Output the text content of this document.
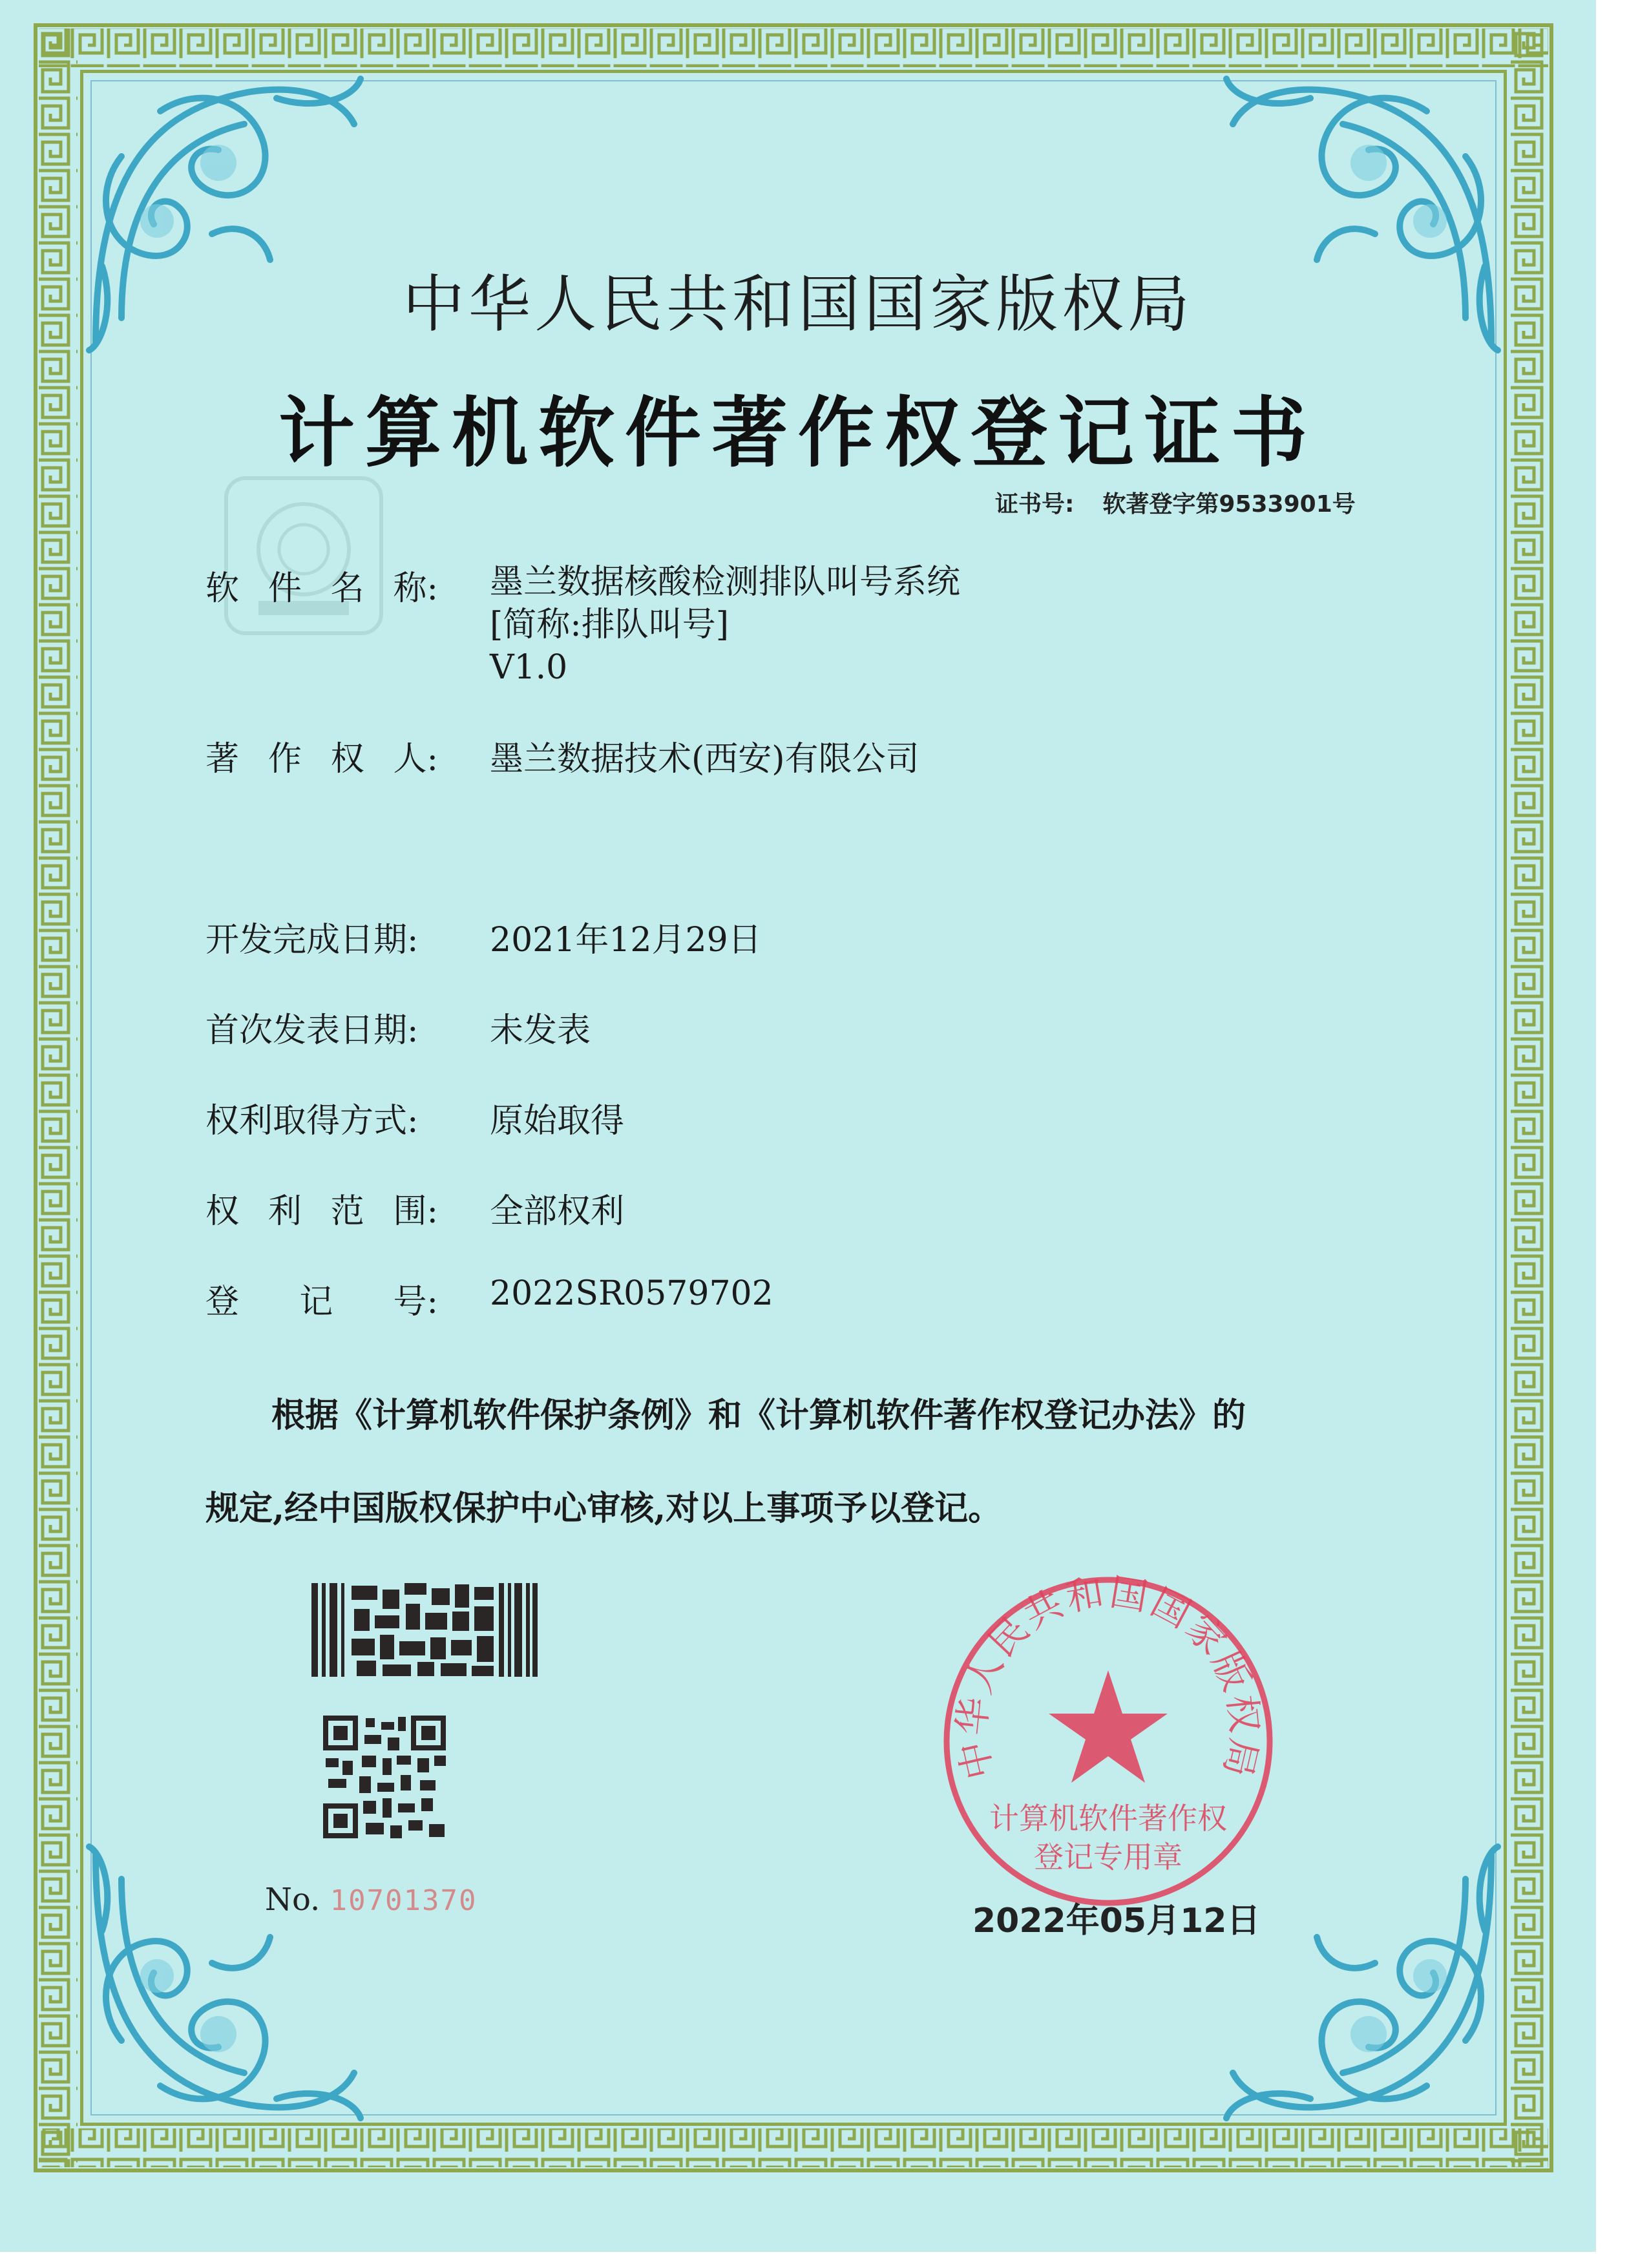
中华人民共和国国家版权局
计算机软件著作权登记证书
证书号: 软著登字第9533901号
软 件 名 称: 墨兰数据核酸检测排队叫号系统
[简称:排队叫号]
V1.0
著 作 权 人: 墨兰数据技术(西安)有限公司
开发完成日期:	2021年12月29日
首次发表日期:	未发表
权利取得方式:	原始取得
权 利 范 围: 全部权利
登 记 号: 2022SR0579702
根据《计算机软件保护条例》和《计算机软件著作权登记办法》的
规定,经中国版权保护中心审核,对以上事项予以登记。
No. 10701370
中华人民共和国国家版权局
计算机软件著作权
登记专用章
2022年05月12日
